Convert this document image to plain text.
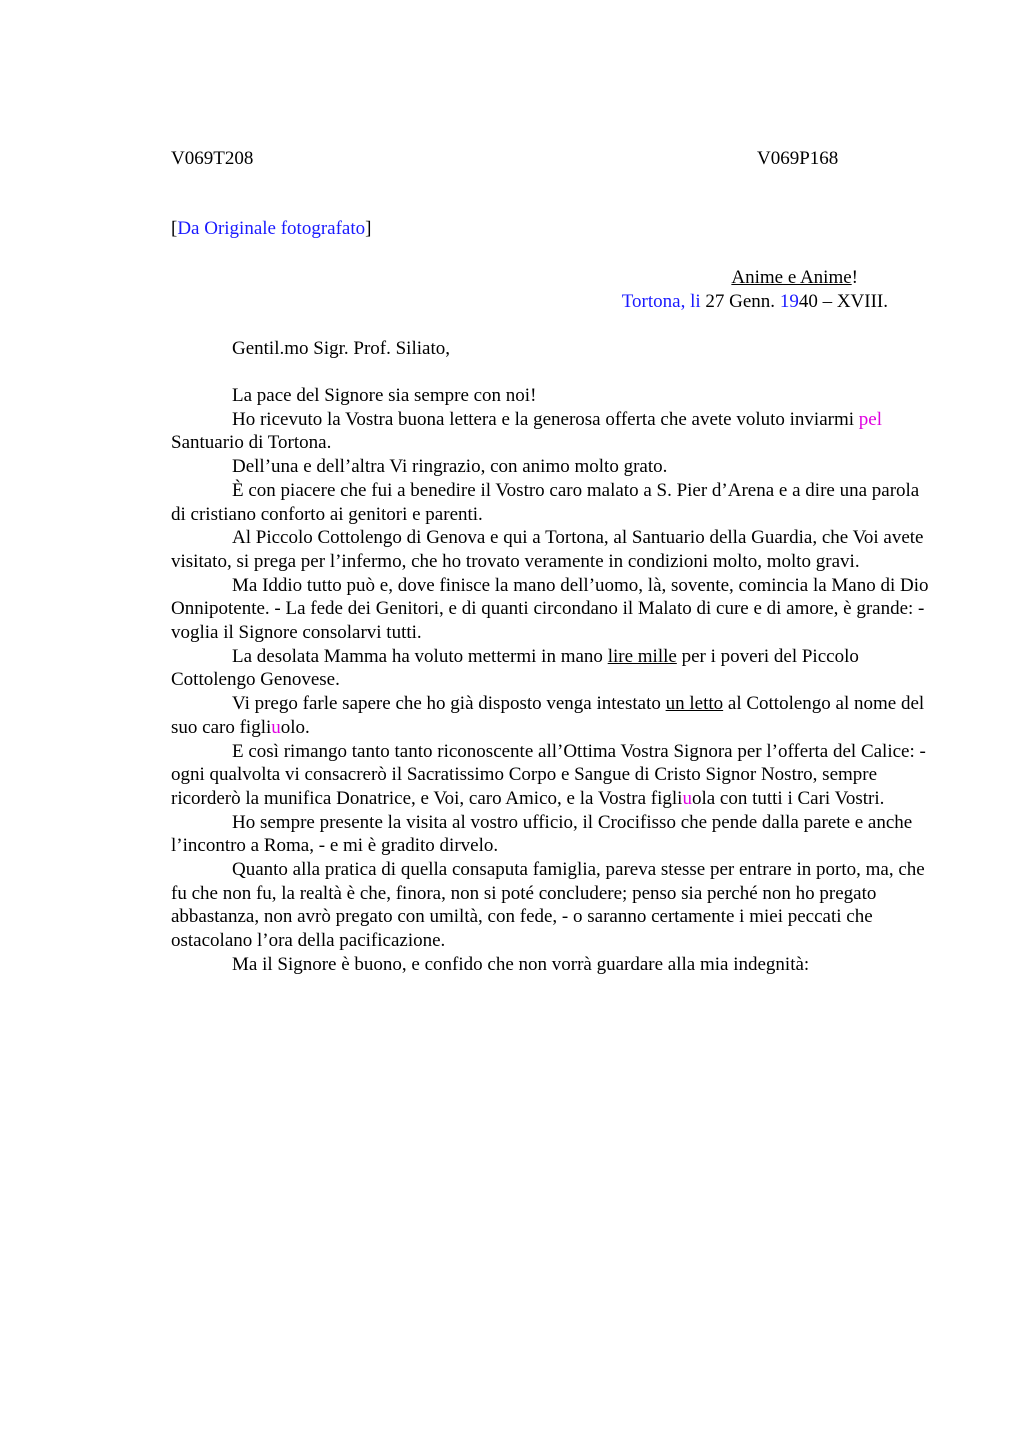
V069T208	V069P168
[Da Originale fotografato]
Anime e Anime!
Tortona, li 27 Genn. 1940 – XVIII.
Gentil.mo Sigr. Prof. Siliato,

La pace del Signore sia sempre con noi!

Ho ricevuto la Vostra buona lettera e la generosa offerta che avete voluto inviarmi pel Santuario di Tortona.

Dell’una e dell’altra Vi ringrazio, con animo molto grato.

È con piacere che fui a benedire il Vostro caro malato a S. Pier d’Arena e a dire una parola di cristiano conforto ai genitori e parenti.

Al Piccolo Cottolengo di Genova e qui a Tortona, al Santuario della Guardia, che Voi avete visitato, si prega per l’infermo, che ho trovato veramente in condizioni molto, molto gravi.

Ma Iddio tutto può e, dove finisce la mano dell’uomo, là, sovente, comincia la Mano di Dio Onnipotente. - La fede dei Genitori, e di quanti circondano il Malato di cure e di amore, è grande: - voglia il Signore consolarvi tutti.

La desolata Mamma ha voluto mettermi in mano lire mille per i poveri del Piccolo Cottolengo Genovese.

Vi prego farle sapere che ho già disposto venga intestato un letto al Cottolengo al nome del suo caro figliuolo.

E così rimango tanto tanto riconoscente all’Ottima Vostra Signora per l’offerta del Calice: - ogni qualvolta vi consacrerò il Sacratissimo Corpo e Sangue di Cristo Signor Nostro, sempre ricorderò la munifica Donatrice, e Voi, caro Amico, e la Vostra figliuola con tutti i Cari Vostri.

Ho sempre presente la visita al vostro ufficio, il Crocifisso che pende dalla parete e anche l’incontro a Roma, - e mi è gradito dirvelo.

Quanto alla pratica di quella consaputa famiglia, pareva stesse per entrare in porto, ma, che fu che non fu, la realtà è che, finora, non si poté concludere; penso sia perché non ho pregato abbastanza, non avrò pregato con umiltà, con fede, - o saranno certamente i miei peccati che ostacolano l’ora della pacificazione.

Ma il Signore è buono, e confido che non vorrà guardare alla mia indegnità:
